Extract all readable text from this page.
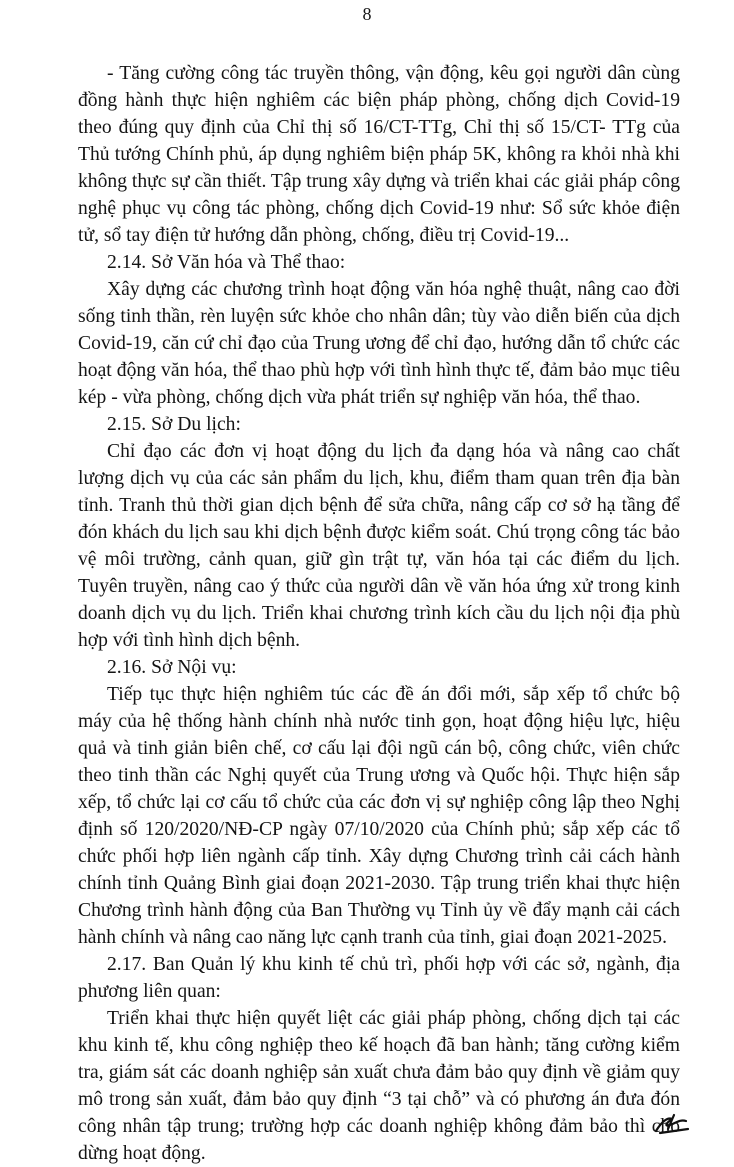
8

- Tăng cường công tác truyền thông, vận động, kêu gọi người dân cùng đồng hành thực hiện nghiêm các biện pháp phòng, chống dịch Covid-19 theo đúng quy định của Chỉ thị số 16/CT-TTg, Chỉ thị số 15/CT- TTg của Thủ tướng Chính phủ, áp dụng nghiêm biện pháp 5K, không ra khỏi nhà khi không thực sự cần thiết. Tập trung xây dựng và triển khai các giải pháp công nghệ phục vụ công tác phòng, chống dịch Covid-19 như: Sổ sức khỏe điện tử, sổ tay điện tử hướng dẫn phòng, chống, điều trị Covid-19...

2.14. Sở Văn hóa và Thể thao:

Xây dựng các chương trình hoạt động văn hóa nghệ thuật, nâng cao đời sống tinh thần, rèn luyện sức khỏe cho nhân dân; tùy vào diễn biến của dịch Covid-19, căn cứ chỉ đạo của Trung ương để chỉ đạo, hướng dẫn tổ chức các hoạt động văn hóa, thể thao phù hợp với tình hình thực tế, đảm bảo mục tiêu kép - vừa phòng, chống dịch vừa phát triển sự nghiệp văn hóa, thể thao.

2.15. Sở Du lịch:

Chỉ đạo các đơn vị hoạt động du lịch đa dạng hóa và nâng cao chất lượng dịch vụ của các sản phẩm du lịch, khu, điểm tham quan trên địa bàn tỉnh. Tranh thủ thời gian dịch bệnh để sửa chữa, nâng cấp cơ sở hạ tầng để đón khách du lịch sau khi dịch bệnh được kiểm soát. Chú trọng công tác bảo vệ môi trường, cảnh quan, giữ gìn trật tự, văn hóa tại các điểm du lịch. Tuyên truyền, nâng cao ý thức của người dân về văn hóa ứng xử trong kinh doanh dịch vụ du lịch. Triển khai chương trình kích cầu du lịch nội địa phù hợp với tình hình dịch bệnh.

2.16. Sở Nội vụ:

Tiếp tục thực hiện nghiêm túc các đề án đổi mới, sắp xếp tổ chức bộ máy của hệ thống hành chính nhà nước tinh gọn, hoạt động hiệu lực, hiệu quả và tinh giản biên chế, cơ cấu lại đội ngũ cán bộ, công chức, viên chức theo tinh thần các Nghị quyết của Trung ương và Quốc hội. Thực hiện sắp xếp, tổ chức lại cơ cấu tổ chức của các đơn vị sự nghiệp công lập theo Nghị định số 120/2020/NĐ-CP ngày 07/10/2020 của Chính phủ; sắp xếp các tổ chức phối hợp liên ngành cấp tỉnh. Xây dựng Chương trình cải cách hành chính tỉnh Quảng Bình giai đoạn 2021-2030. Tập trung triển khai thực hiện Chương trình hành động của Ban Thường vụ Tỉnh ủy về đẩy mạnh cải cách hành chính và nâng cao năng lực cạnh tranh của tỉnh, giai đoạn 2021-2025.

2.17. Ban Quản lý khu kinh tế chủ trì, phối hợp với các sở, ngành, địa phương liên quan:

Triển khai thực hiện quyết liệt các giải pháp phòng, chống dịch tại các khu kinh tế, khu công nghiệp theo kế hoạch đã ban hành; tăng cường kiểm tra, giám sát các doanh nghiệp sản xuất chưa đảm bảo quy định về giảm quy mô trong sản xuất, đảm bảo quy định “3 tại chỗ” và có phương án đưa đón công nhân tập trung; trường hợp các doanh nghiệp không đảm bảo thì cho dừng hoạt động.
